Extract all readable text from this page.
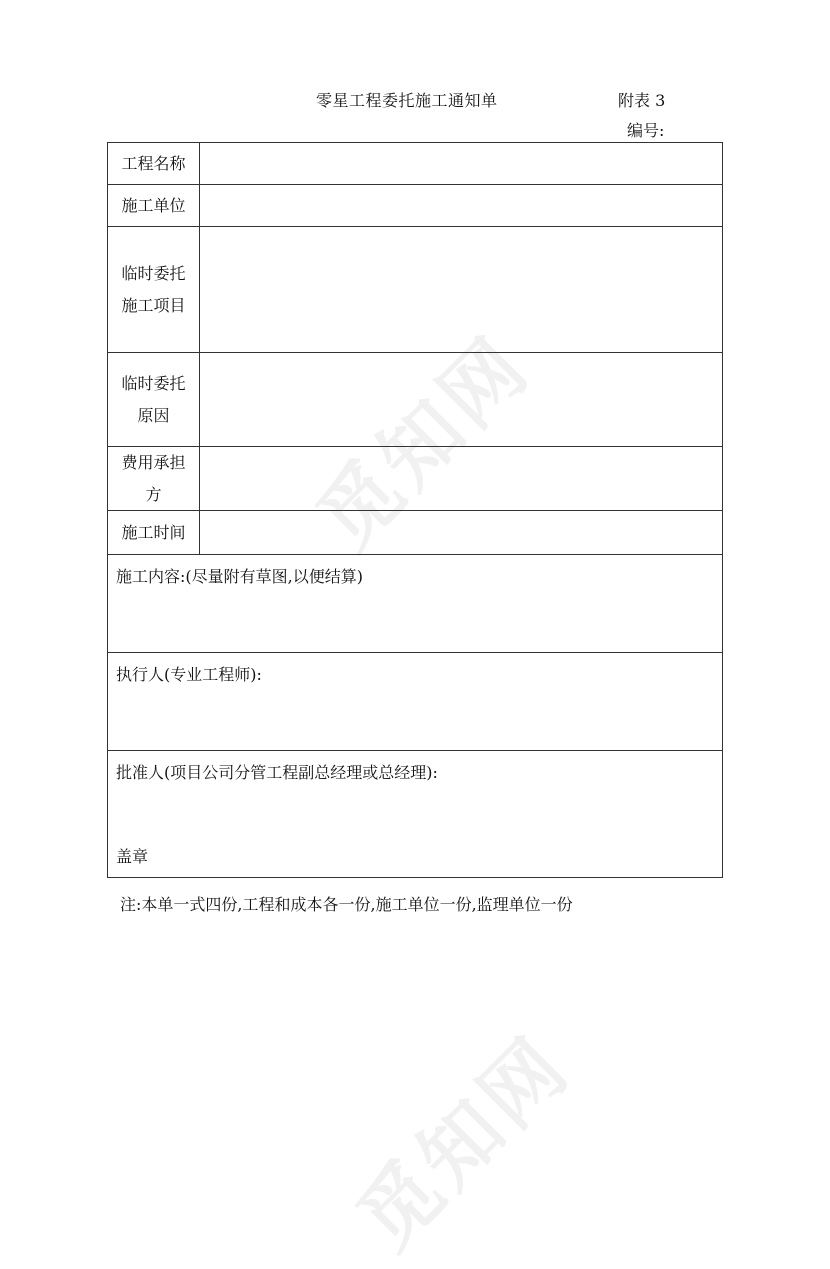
觅知网
觅知网
零星工程委托施工通知单	附表 3
编号:
工程名称
施工单位
临时委托
施工项目
临时委托
原因
费用承担
方
施工时间
施工内容:(尽量附有草图,以便结算)
执行人(专业工程师):
批准人(项目公司分管工程副总经理或总经理):
盖章
注:本单一式四份,工程和成本各一份,施工单位一份,监理单位一份
